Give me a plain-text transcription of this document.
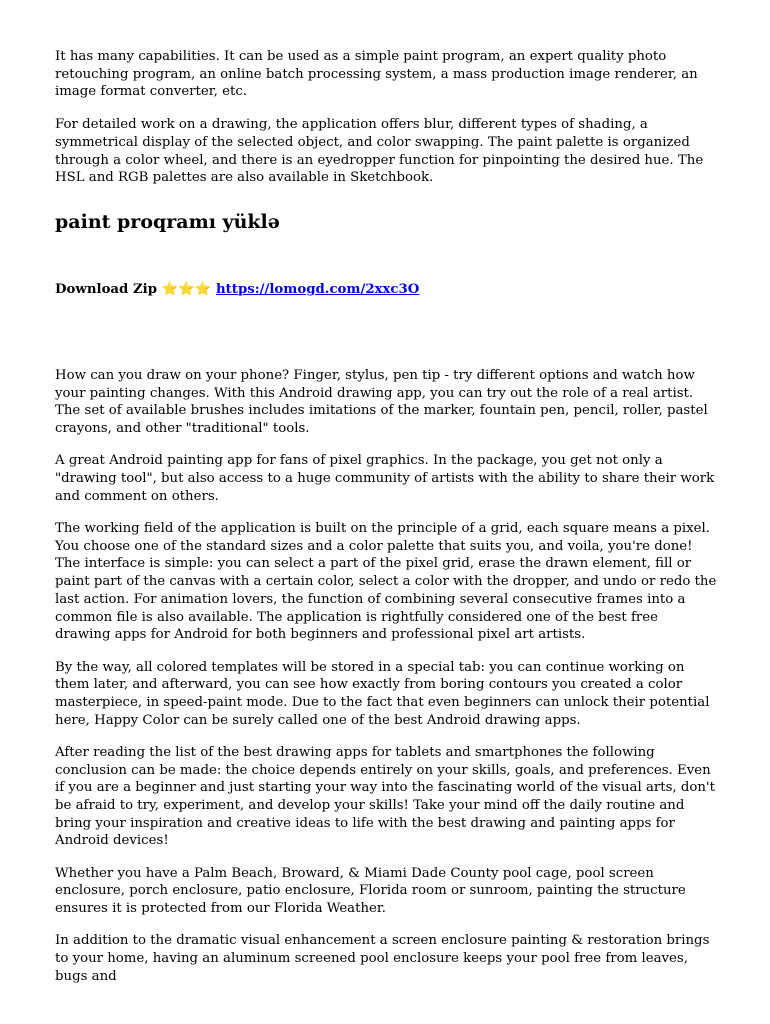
It has many capabilities. It can be used as a simple paint program, an expert quality photo retouching program, an online batch processing system, a mass production image renderer, an image format converter, etc.

For detailed work on a drawing, the application offers blur, different types of shading, a symmetrical display of the selected object, and color swapping. The paint palette is organized through a color wheel, and there is an eyedropper function for pinpointing the desired hue. The HSL and RGB palettes are also available in Sketchbook.

paint proqramı yüklə
Download Zip ⭐⭐⭐ https://lomogd.com/2xxc3O

How can you draw on your phone? Finger, stylus, pen tip - try different options and watch how your painting changes. With this Android drawing app, you can try out the role of a real artist. The set of available brushes includes imitations of the marker, fountain pen, pencil, roller, pastel crayons, and other "traditional" tools.

A great Android painting app for fans of pixel graphics. In the package, you get not only a "drawing tool", but also access to a huge community of artists with the ability to share their work and comment on others.

The working field of the application is built on the principle of a grid, each square means a pixel. You choose one of the standard sizes and a color palette that suits you, and voila, you're done! The interface is simple: you can select a part of the pixel grid, erase the drawn element, fill or paint part of the canvas with a certain color, select a color with the dropper, and undo or redo the last action. For animation lovers, the function of combining several consecutive frames into a common file is also available. The application is rightfully considered one of the best free drawing apps for Android for both beginners and professional pixel art artists.

By the way, all colored templates will be stored in a special tab: you can continue working on them later, and afterward, you can see how exactly from boring contours you created a color masterpiece, in speed-paint mode. Due to the fact that even beginners can unlock their potential here, Happy Color can be surely called one of the best Android drawing apps.

After reading the list of the best drawing apps for tablets and smartphones the following conclusion can be made: the choice depends entirely on your skills, goals, and preferences. Even if you are a beginner and just starting your way into the fascinating world of the visual arts, don't be afraid to try, experiment, and develop your skills! Take your mind off the daily routine and bring your inspiration and creative ideas to life with the best drawing and painting apps for Android devices!

Whether you have a Palm Beach, Broward, & Miami Dade County pool cage, pool screen enclosure, porch enclosure, patio enclosure, Florida room or sunroom, painting the structure ensures it is protected from our Florida Weather.

In addition to the dramatic visual enhancement a screen enclosure painting & restoration brings to your home, having an aluminum screened pool enclosure keeps your pool free from leaves, bugs and
